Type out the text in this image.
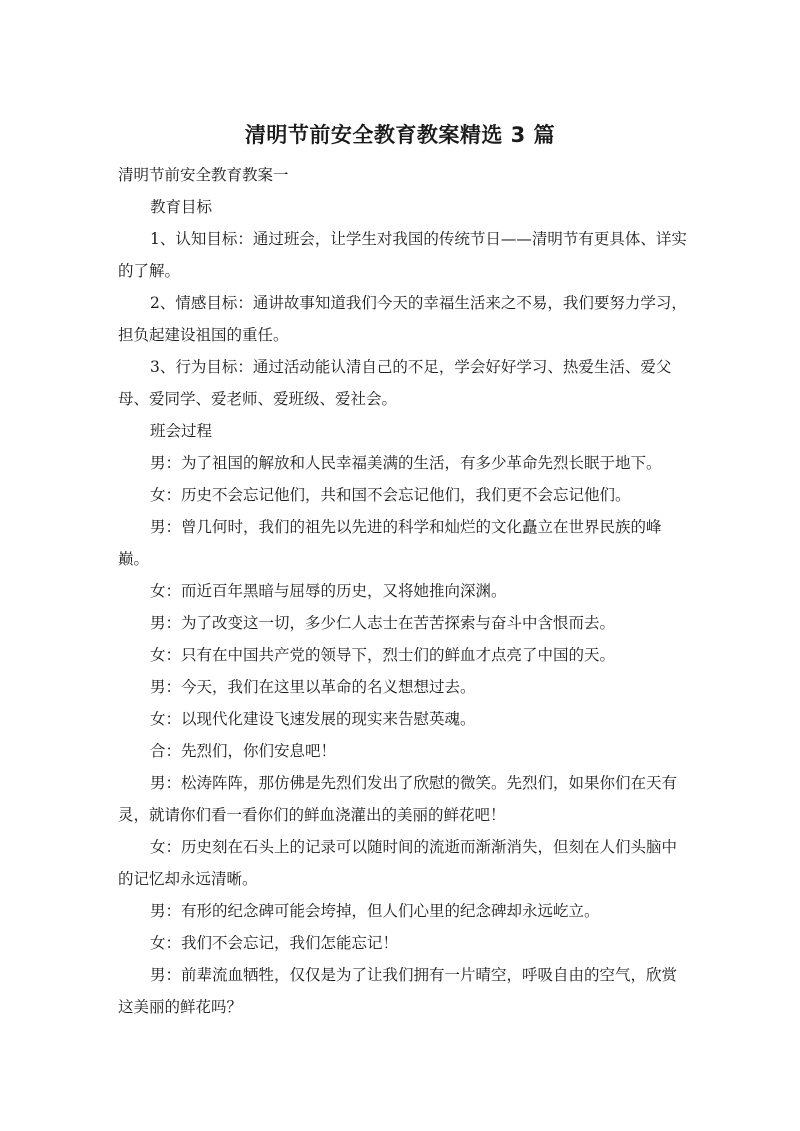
清明节前安全教育教案精选 3 篇

清明节前安全教育教案一

教育目标

1、认知目标：通过班会，让学生对我国的传统节日——清明节有更具体、详实的了解。

2、情感目标：通讲故事知道我们今天的幸福生活来之不易，我们要努力学习，担负起建设祖国的重任。

3、行为目标：通过活动能认清自己的不足，学会好好学习、热爱生活、爱父母、爱同学、爱老师、爱班级、爱社会。

班会过程

男：为了祖国的解放和人民幸福美满的生活，有多少革命先烈长眠于地下。

女：历史不会忘记他们，共和国不会忘记他们，我们更不会忘记他们。

男：曾几何时，我们的祖先以先进的科学和灿烂的文化矗立在世界民族的峰巅。

女：而近百年黑暗与屈辱的历史，又将她推向深渊。

男：为了改变这一切，多少仁人志士在苦苦探索与奋斗中含恨而去。

女：只有在中国共产党的领导下，烈士们的鲜血才点亮了中国的天。

男：今天，我们在这里以革命的名义想想过去。

女：以现代化建设飞速发展的现实来告慰英魂。

合：先烈们，你们安息吧！

男：松涛阵阵，那仿佛是先烈们发出了欣慰的微笑。先烈们，如果你们在天有灵，就请你们看一看你们的鲜血浇灌出的美丽的鲜花吧！

女：历史刻在石头上的记录可以随时间的流逝而渐渐消失，但刻在人们头脑中的记忆却永远清晰。

男：有形的纪念碑可能会垮掉，但人们心里的纪念碑却永远屹立。

女：我们不会忘记，我们怎能忘记！

男：前辈流血牺牲，仅仅是为了让我们拥有一片晴空，呼吸自由的空气，欣赏这美丽的鲜花吗？
